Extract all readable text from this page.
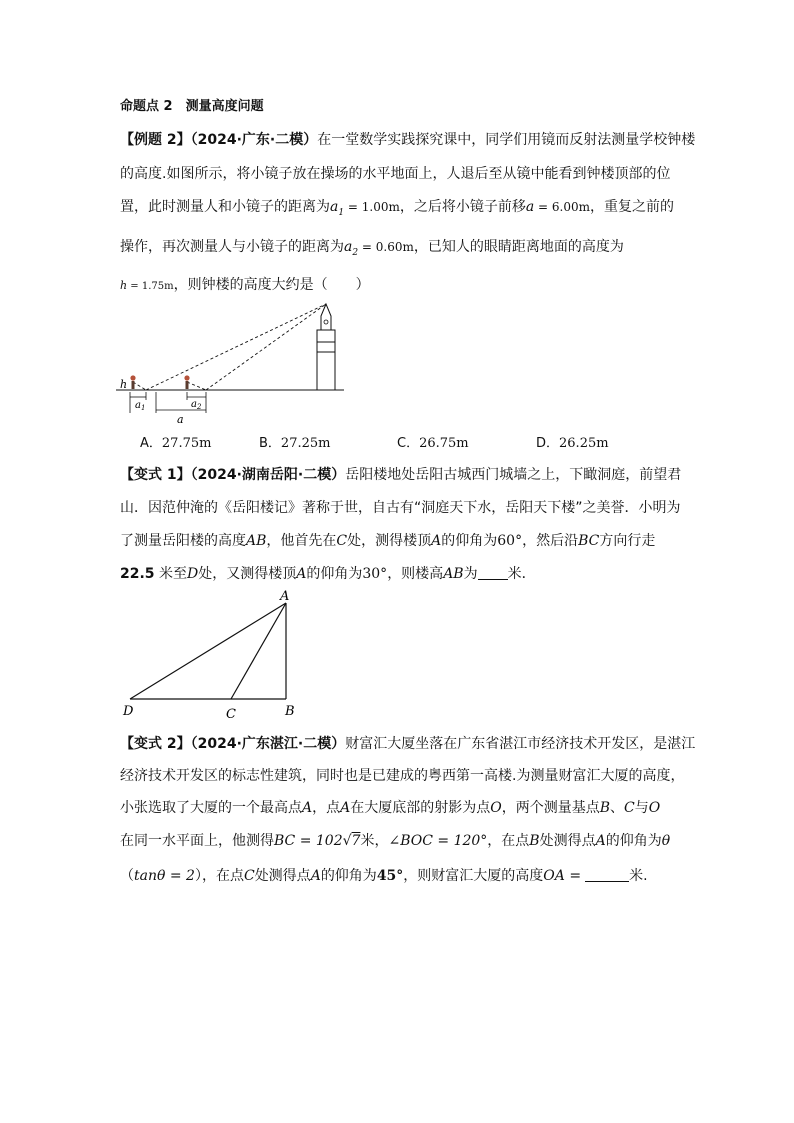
命题点 2　测量高度问题
【例题 2】（2024·广东·二模）在一堂数学实践探究课中，同学们用镜而反射法测量学校钟楼
的高度.如图所示，将小镜子放在操场的水平地面上，人退后至从镜中能看到钟楼顶部的位
置，此时测量人和小镜子的距离为$a_1 = 1.00m$，之后将小镜子前移a = 6.00m，重复之前的
操作，再次测量人与小镜子的距离为$a_2 = 0.60m$，已知人的眼睛距离地面的高度为
h = 1.75m，则钟楼的高度大约是（　　）
h
$a_1$	$a_2$
a
A．27.75m	B．27.25m	C．26.75m	D．26.25m
【变式 1】（2024·湖南岳阳·二模）岳阳楼地处岳阳古城西门城墙之上，下瞰洞庭，前望君
山．因范仲淹的《岳阳楼记》著称于世，自古有“洞庭天下水，岳阳天下楼”之美誉．小明为
了测量岳阳楼的高度AB，他首先在C处，测得楼顶A的仰角为60°，然后沿BC方向行走
22.5 米至D处，又测得楼顶A的仰角为30°，则楼高AB为 米．
A
B
C
D
【变式 2】（2024·广东湛江·二模）财富汇大厦坐落在广东省湛江市经济技术开发区，是湛江
经济技术开发区的标志性建筑，同时也是已建成的粤西第一高楼.为测量财富汇大厦的高度，
小张选取了大厦的一个最高点A，点A在大厦底部的射影为点O，两个测量基点B、C与O
在同一水平面上，他测得BC = 102√7米，∠BOC = 120°，在点B处测得点A的仰角为θ
（tanθ = 2），在点C处测得点A的仰角为45°，则财富汇大厦的高度OA =	米.
